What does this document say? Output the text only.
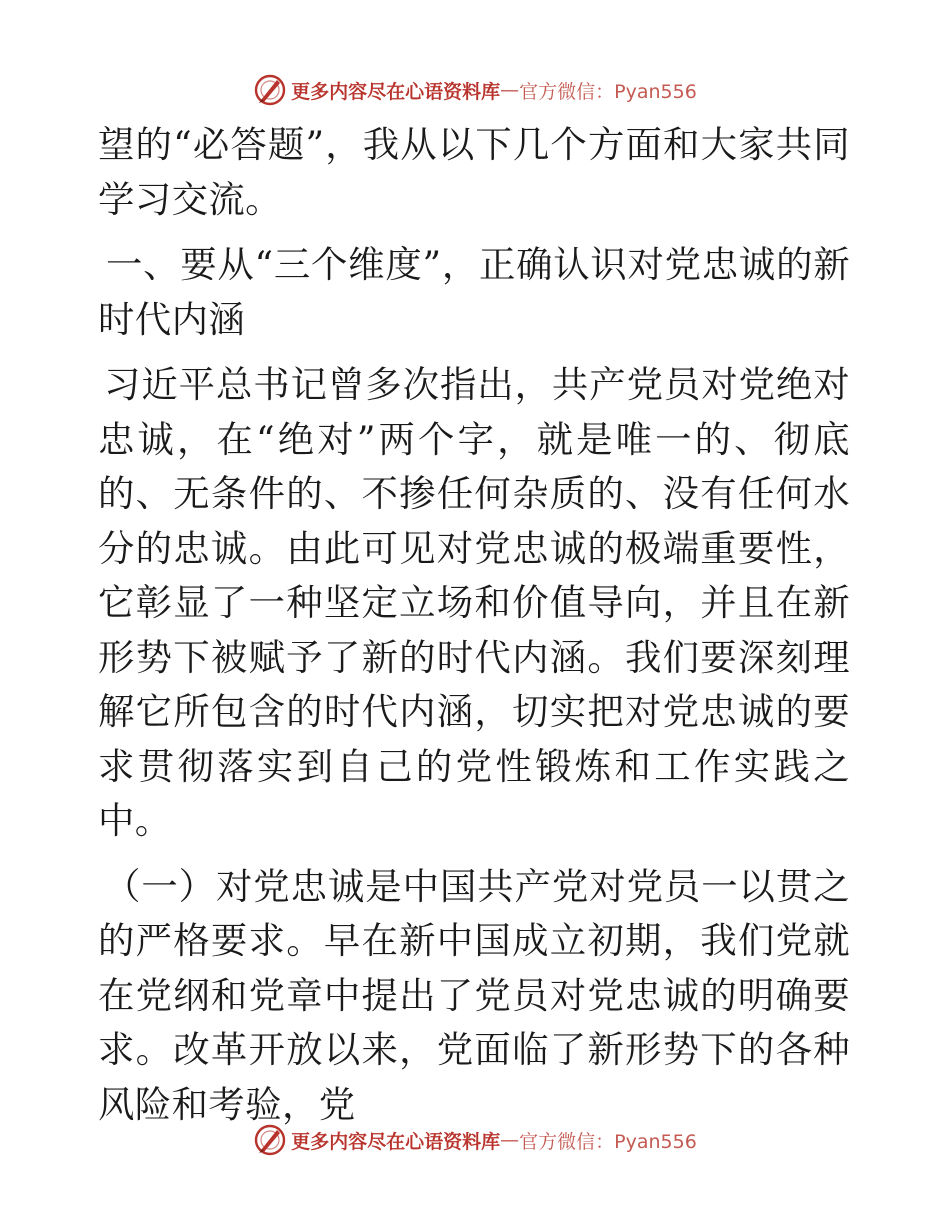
更多内容尽在心语资料库 — 官方微信：Pyan556

望的“必答题”，我从以下几个方面和大家共同学习交流。

一、要从“三个维度”，正确认识对党忠诚的新时代内涵

习近平总书记曾多次指出，共产党员对党绝对忠诚，在“绝对”两个字，就是唯一的、彻底的、无条件的、不掺任何杂质的、没有任何水分的忠诚。由此可见对党忠诚的极端重要性，它彰显了一种坚定立场和价值导向，并且在新形势下被赋予了新的时代内涵。我们要深刻理解它所包含的时代内涵，切实把对党忠诚的要求贯彻落实到自己的党性锻炼和工作实践之中。

（一）对党忠诚是中国共产党对党员一以贯之的严格要求。早在新中国成立初期，我们党就在党纲和党章中提出了党员对党忠诚的明确要求。改革开放以来，党面临了新形势下的各种风险和考验，党

更多内容尽在心语资料库 — 官方微信：Pyan556
